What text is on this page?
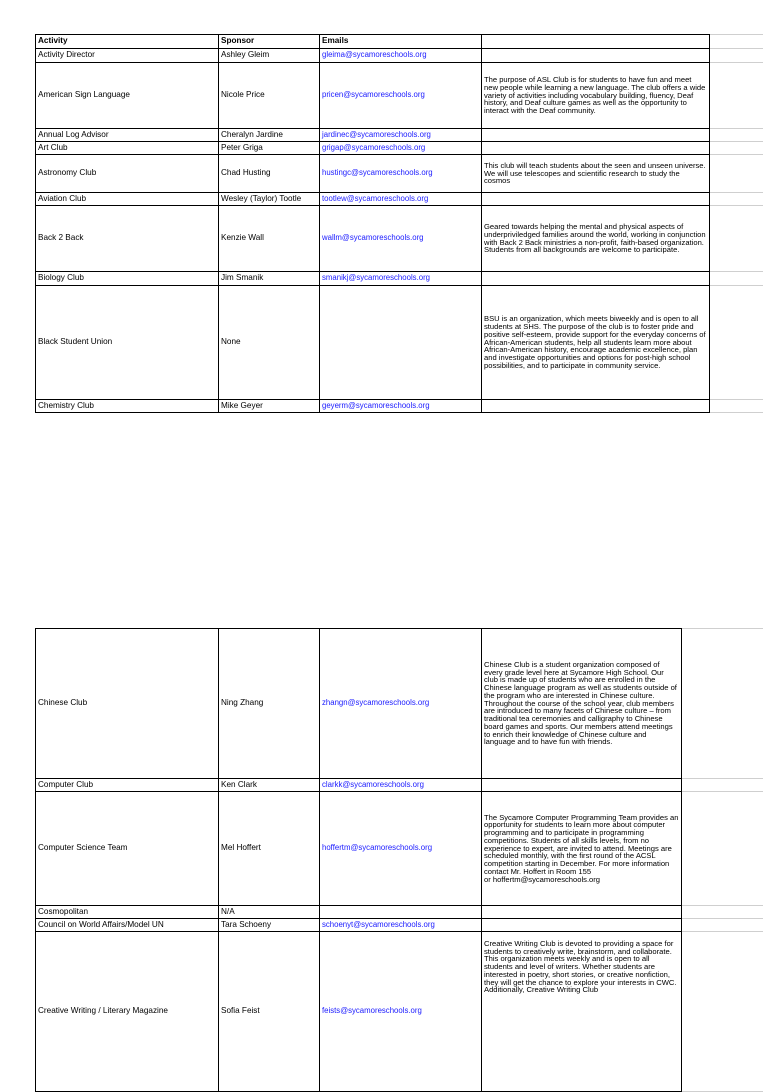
Activity	Sponsor	Emails		
Activity Director	Ashley Gleim	gleima@sycamoreschools.org		
American Sign Language	Nicole Price	pricen@sycamoreschools.org	The purpose of ASL Club is for students to have fun and meet new people while learning a new language. The club offers a wide variety of activities including vocabulary building, fluency, Deaf history, and Deaf culture games as well as the opportunity to interact with the Deaf community.	
Annual Log Advisor	Cheralyn Jardine	jardinec@sycamoreschools.org		
Art Club	Peter Griga	grigap@sycamoreschools.org		
Astronomy Club	Chad Husting	hustingc@sycamoreschools.org	This club will teach students about the seen and unseen universe. We will use telescopes and scientific research to study the cosmos	
Aviation Club	Wesley (Taylor) Tootle	tootlew@sycamoreschools.org		
Back 2 Back	Kenzie Wall	wallm@sycamoreschools.org	Geared towards helping the mental and physical aspects of underpriviledged families around the world, working in conjunction with Back 2 Back ministries a non-profit, faith-based organization. Students from all backgrounds are welcome to participate.	
Biology Club	Jim Smanik	smanikj@sycamoreschools.org		
Black Student Union	None		BSU is an organization, which meets biweekly and is open to all students at SHS. The purpose of the club is to foster pride and positive self-esteem, provide support for the everyday concerns of African-American students, help all students learn more about African-American history, encourage academic excellence, plan and investigate opportunities and options for post-high school possibilities, and to participate in community service.	
Chemistry Club	Mike Geyer	geyerm@sycamoreschools.org		
Chinese Club	Ning Zhang	zhangn@sycamoreschools.org	Chinese Club is a student organization composed of every grade level here at Sycamore High School. Our club is made up of students who are enrolled in the Chinese language program as well as students outside of the program who are interested in Chinese culture. Throughout the course of the school year, club members are introduced to many facets of Chinese culture – from traditional tea ceremonies and calligraphy to Chinese board games and sports. Our members attend meetings to enrich their knowledge of Chinese culture and language and to have fun with friends.	
Computer Club	Ken Clark	clarkk@sycamoreschools.org		
Computer Science Team	Mel Hoffert	hoffertm@sycamoreschools.org	The Sycamore Computer Programming Team provides an opportunity for students to learn more about computer programming and to participate in programming competitions. Students of all skills levels, from no experience to expert, are invited to attend. Meetings are scheduled monthly, with the first round of the ACSL competition starting in December. For more information contact Mr. Hoffert in Room 155
or hoffertm@sycamoreschools.org	
Cosmopolitan	N/A			
Council on World Affairs/Model UN	Tara Schoeny	schoenyt@sycamoreschools.org		
Creative Writing / Literary Magazine	Sofia Feist	feists@sycamoreschools.org	Creative Writing Club is devoted to providing a space for students to creatively write, brainstorm, and collaborate. This organization meets weekly and is open to all students and level of writers. Whether students are interested in poetry, short stories, or creative nonfiction, they will get the chance to explore your interests in CWC. Additionally, Creative Writing Club	
